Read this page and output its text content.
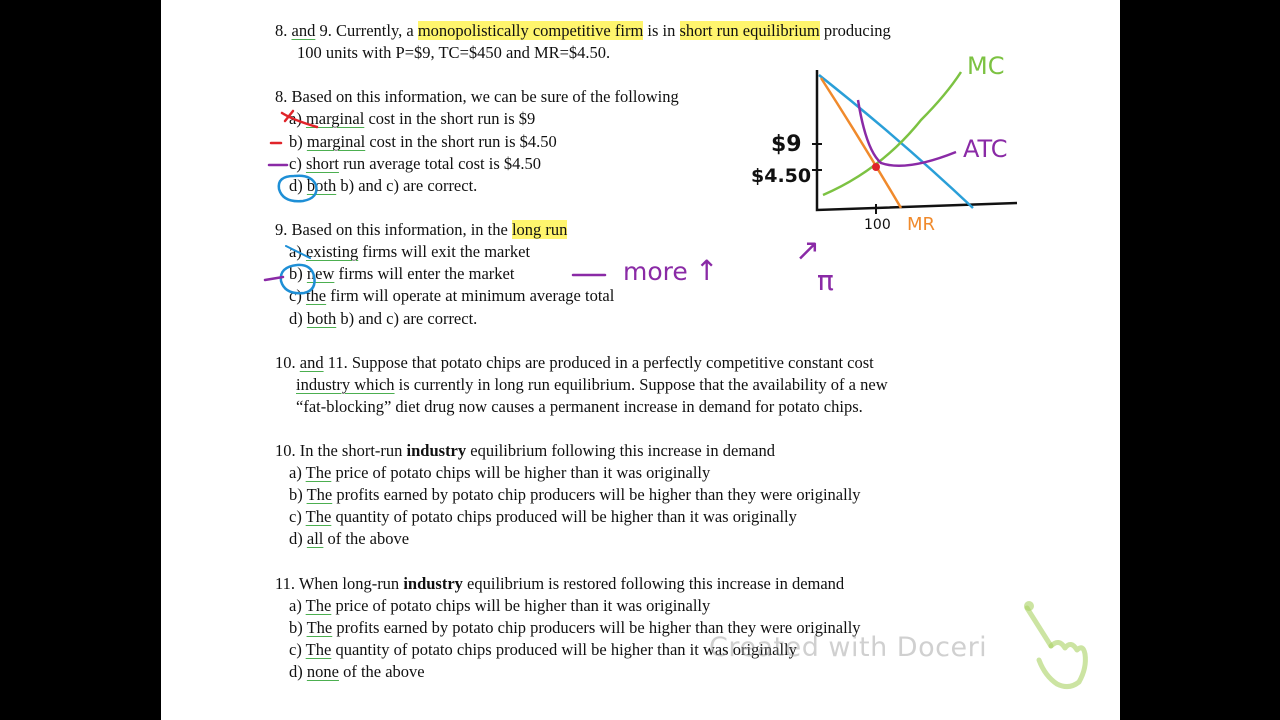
8. and 9. Currently, a monopolistically competitive firm is in short run equilibrium producing
100 units with P=$9, TC=$450 and MR=$4.50.
8. Based on this information, we can be sure of the following
a) marginal cost in the short run is $9
b) marginal cost in the short run is $4.50
c) short run average total cost is $4.50
d) both b) and c) are correct.
9. Based on this information, in the long run
a) existing firms will exit the market
b) new firms will enter the market
c) the firm will operate at minimum average total
d) both b) and c) are correct.
10. and 11. Suppose that potato chips are produced in a perfectly competitive constant cost
industry which is currently in long run equilibrium. Suppose that the availability of a new
“fat-blocking” diet drug now causes a permanent increase in demand for potato chips.
10. In the short-run industry equilibrium following this increase in demand
a) The price of potato chips will be higher than it was originally
b) The profits earned by potato chip producers will be higher than they were originally
c) The quantity of potato chips produced will be higher than it was originally
d) all of the above
11. When long-run industry equilibrium is restored following this increase in demand
a) The price of potato chips will be higher than it was originally
b) The profits earned by potato chip producers will be higher than they were originally
c) The quantity of potato chips produced will be higher than it was originally
d) none of the above
more ↑
MC
ATC
MR
$9
$4.50
100
↗
π
Created with Doceri
